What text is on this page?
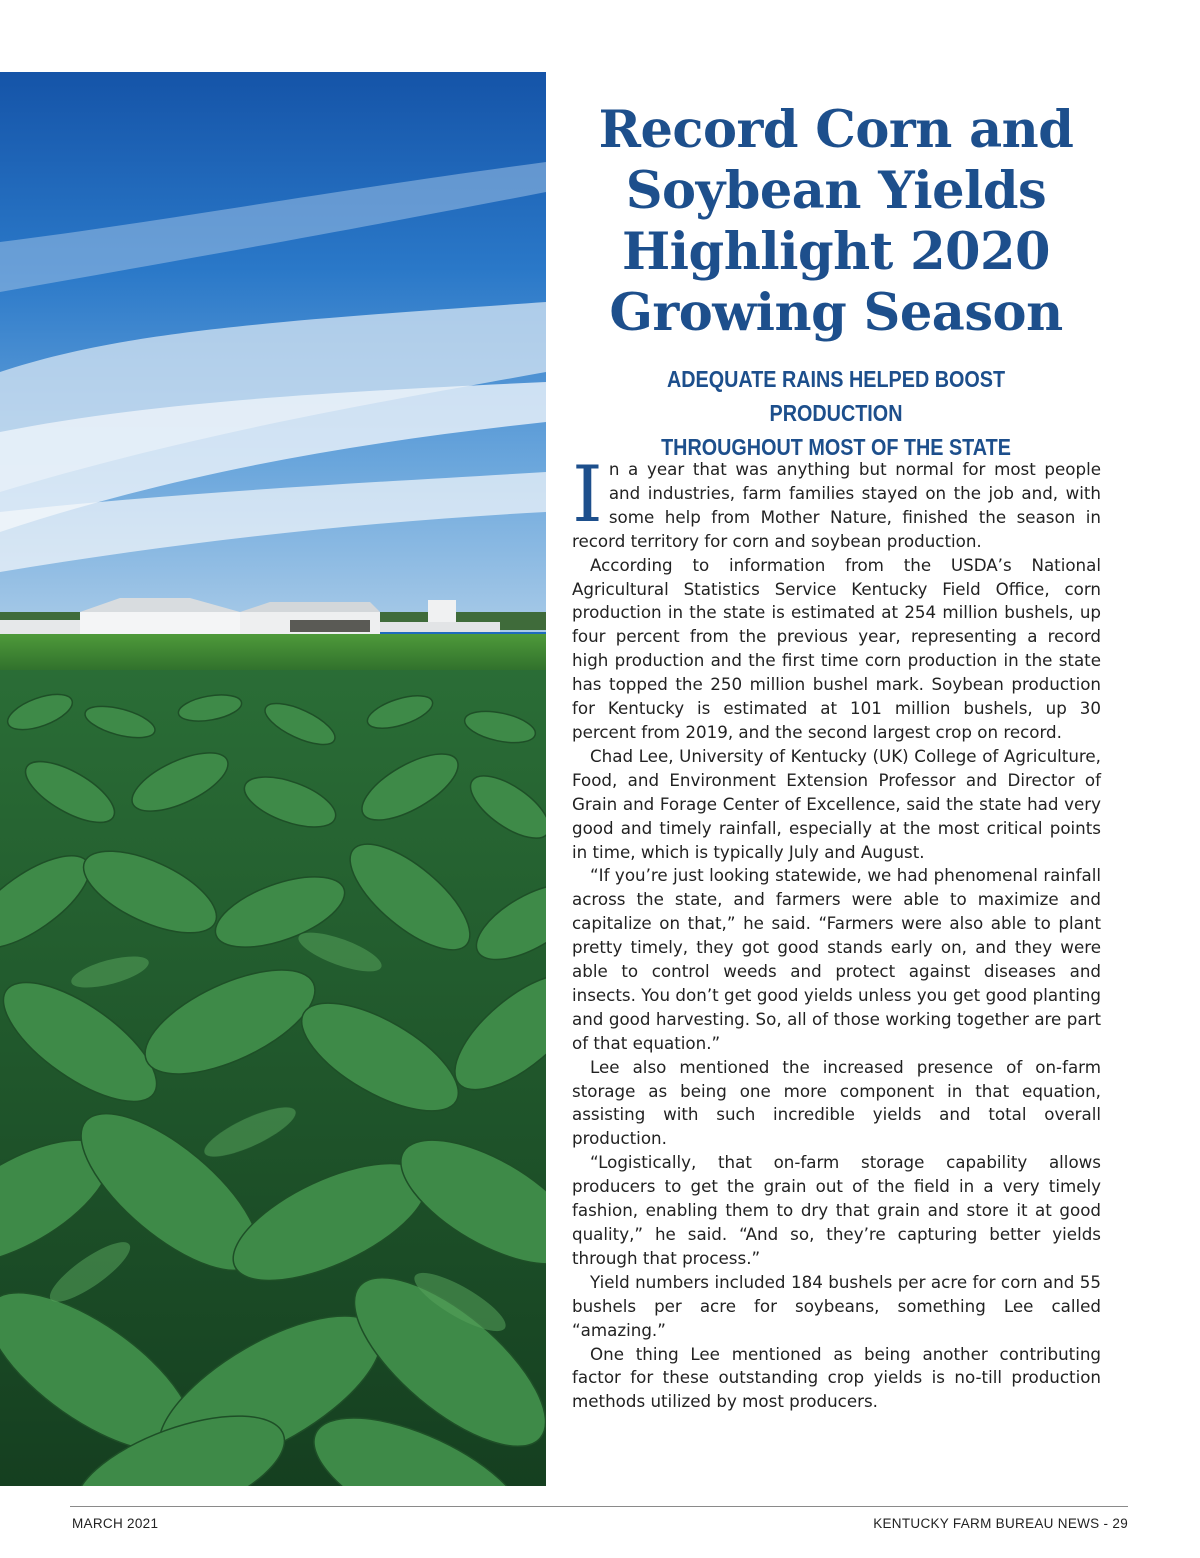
Record Corn and
Soybean Yields
Highlight 2020
Growing Season
ADEQUATE RAINS HELPED BOOST PRODUCTION
THROUGHOUT MOST OF THE STATE

In a year that was anything but normal for most people and industries, farm families stayed on the job and, with some help from Mother Nature, finished the season in record territory for corn and soybean production.

According to information from the USDA’s National Agricultural Statistics Service Kentucky Field Office, corn production in the state is estimated at 254 million bushels, up four percent from the previous year, representing a record high production and the first time corn production in the state has topped the 250 million bushel mark. Soybean production for Kentucky is estimated at 101 million bushels, up 30 percent from 2019, and the second largest crop on record.

Chad Lee, University of Kentucky (UK) College of Agriculture, Food, and Environment Extension Professor and Director of Grain and Forage Center of Excellence, said the state had very good and timely rainfall, especially at the most critical points in time, which is typically July and August.

“If you’re just looking statewide, we had phenomenal rainfall across the state, and farmers were able to maximize and capitalize on that,” he said. “Farmers were also able to plant pretty timely, they got good stands early on, and they were able to control weeds and protect against diseases and insects. You don’t get good yields unless you get good planting and good harvesting. So, all of those working together are part of that equation.”

Lee also mentioned the increased presence of on-farm storage as being one more component in that equation, assisting with such incredible yields and total overall production.

“Logistically, that on-farm storage capability allows producers to get the grain out of the field in a very timely fashion, enabling them to dry that grain and store it at good quality,” he said. “And so, they’re capturing better yields through that process.”

Yield numbers included 184 bushels per acre for corn and 55 bushels per acre for soybeans, something Lee called “amazing.”

One thing Lee mentioned as being another contributing factor for these outstanding crop yields is no-till production methods utilized by most producers.

MARCH 2021	KENTUCKY FARM BUREAU NEWS - 29
